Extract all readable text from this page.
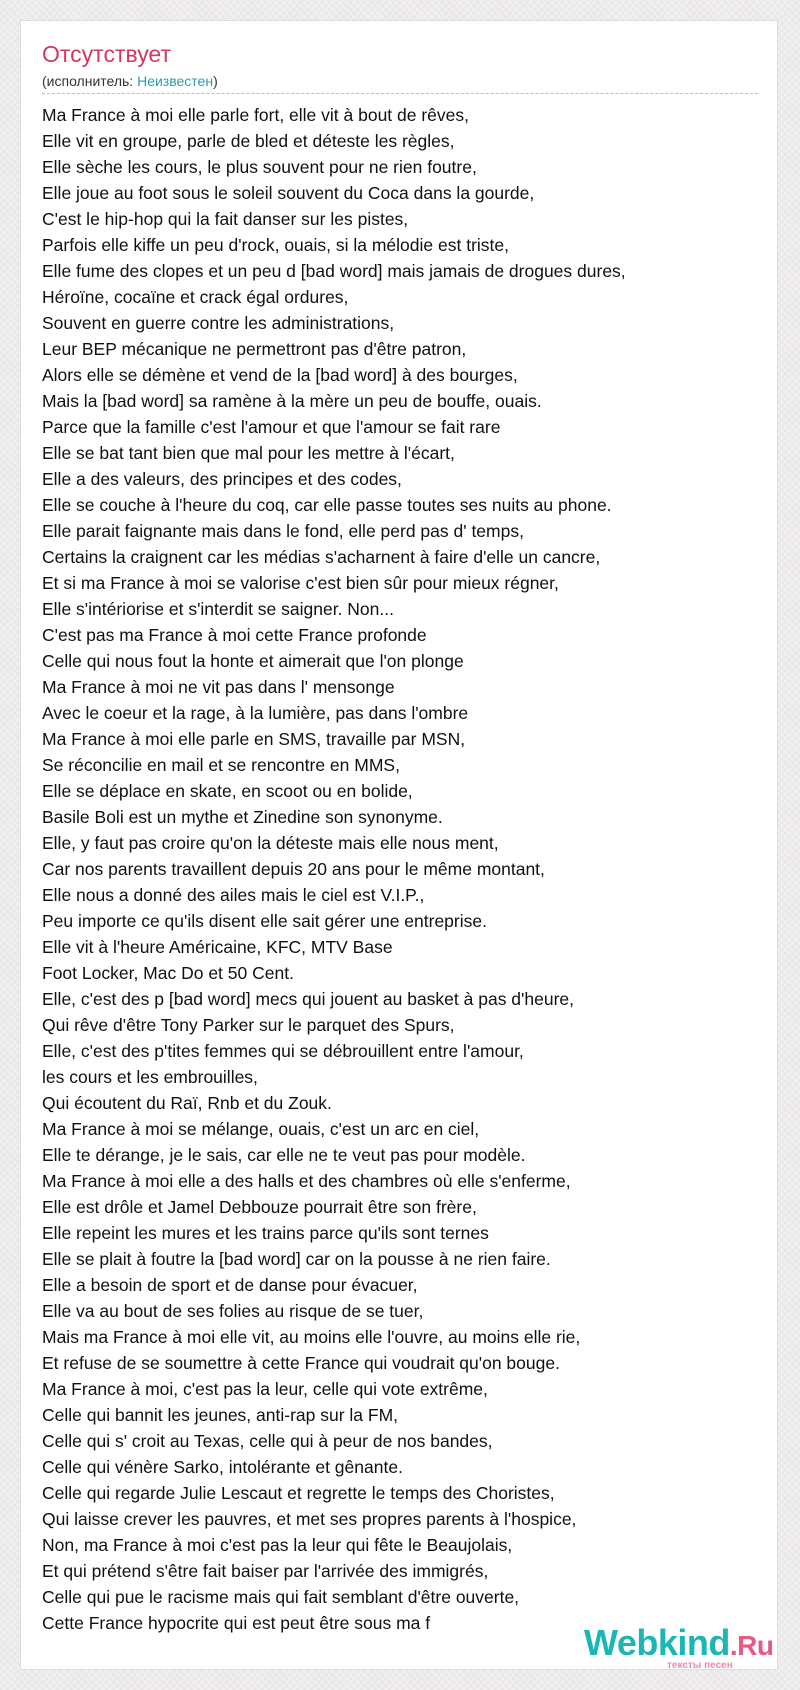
Отсутствует
(исполнитель: Неизвестен)
Ma France à moi elle parle fort, elle vit à bout de rêves,
Elle vit en groupe, parle de bled et déteste les règles,
Elle sèche les cours, le plus souvent pour ne rien foutre,
Elle joue au foot sous le soleil souvent du Coca dans la gourde,
C'est le hip-hop qui la fait danser sur les pistes,
Parfois elle kiffe un peu d'rock, ouais, si la mélodie est triste,
Elle fume des clopes et un peu d [bad word] mais jamais de drogues dures,
Héroïne, cocaïne et crack égal ordures,
Souvent en guerre contre les administrations,
Leur BEP mécanique ne permettront pas d'être patron,
Alors elle se démène et vend de la [bad word] à des bourges,
Mais la [bad word] sa ramène à la mère un peu de bouffe, ouais.
Parce que la famille c'est l'amour et que l'amour se fait rare
Elle se bat tant bien que mal pour les mettre à l'écart,
Elle a des valeurs, des principes et des codes,
Elle se couche à l'heure du coq, car elle passe toutes ses nuits au phone.
Elle parait faignante mais dans le fond, elle perd pas d' temps,
Certains la craignent car les médias s'acharnent à faire d'elle un cancre,
Et si ma France à moi se valorise c'est bien sûr pour mieux régner,
Elle s'intériorise et s'interdit se saigner. Non...
C'est pas ma France à moi cette France profonde
Celle qui nous fout la honte et aimerait que l'on plonge
Ma France à moi ne vit pas dans l' mensonge
Avec le coeur et la rage, à la lumière, pas dans l'ombre
Ma France à moi elle parle en SMS, travaille par MSN,
Se réconcilie en mail et se rencontre en MMS,
Elle se déplace en skate, en scoot ou en bolide,
Basile Boli est un mythe et Zinedine son synonyme.
Elle, y faut pas croire qu'on la déteste mais elle nous ment,
Car nos parents travaillent depuis 20 ans pour le même montant,
Elle nous a donné des ailes mais le ciel est V.I.P.,
Peu importe ce qu'ils disent elle sait gérer une entreprise.
Elle vit à l'heure Américaine, KFC, MTV Base
Foot Locker, Mac Do et 50 Cent.
Elle, c'est des p [bad word] mecs qui jouent au basket à pas d'heure,
Qui rêve d'être Tony Parker sur le parquet des Spurs,
Elle, c'est des p'tites femmes qui se débrouillent entre l'amour,
les cours et les embrouilles,
Qui écoutent du Raï, Rnb et du Zouk.
Ma France à moi se mélange, ouais, c'est un arc en ciel,
Elle te dérange, je le sais, car elle ne te veut pas pour modèle.
Ma France à moi elle a des halls et des chambres où elle s'enferme,
Elle est drôle et Jamel Debbouze pourrait être son frère,
Elle repeint les mures et les trains parce qu'ils sont ternes
Elle se plait à foutre la [bad word] car on la pousse à ne rien faire.
Elle a besoin de sport et de danse pour évacuer,
Elle va au bout de ses folies au risque de se tuer,
Mais ma France à moi elle vit, au moins elle l'ouvre, au moins elle rie,
Et refuse de se soumettre à cette France qui voudrait qu'on bouge.
Ma France à moi, c'est pas la leur, celle qui vote extrême,
Celle qui bannit les jeunes, anti-rap sur la FM,
Celle qui s' croit au Texas, celle qui à peur de nos bandes,
Celle qui vénère Sarko, intolérante et gênante.
Celle qui regarde Julie Lescaut et regrette le temps des Choristes,
Qui laisse crever les pauvres, et met ses propres parents à l'hospice,
Non, ma France à moi c'est pas la leur qui fête le Beaujolais,
Et qui prétend s'être fait baiser par l'arrivée des immigrés,
Celle qui pue le racisme mais qui fait semblant d'être ouverte,
Cette France hypocrite qui est peut être sous ma f	Webkind.Ru
тексты песен
